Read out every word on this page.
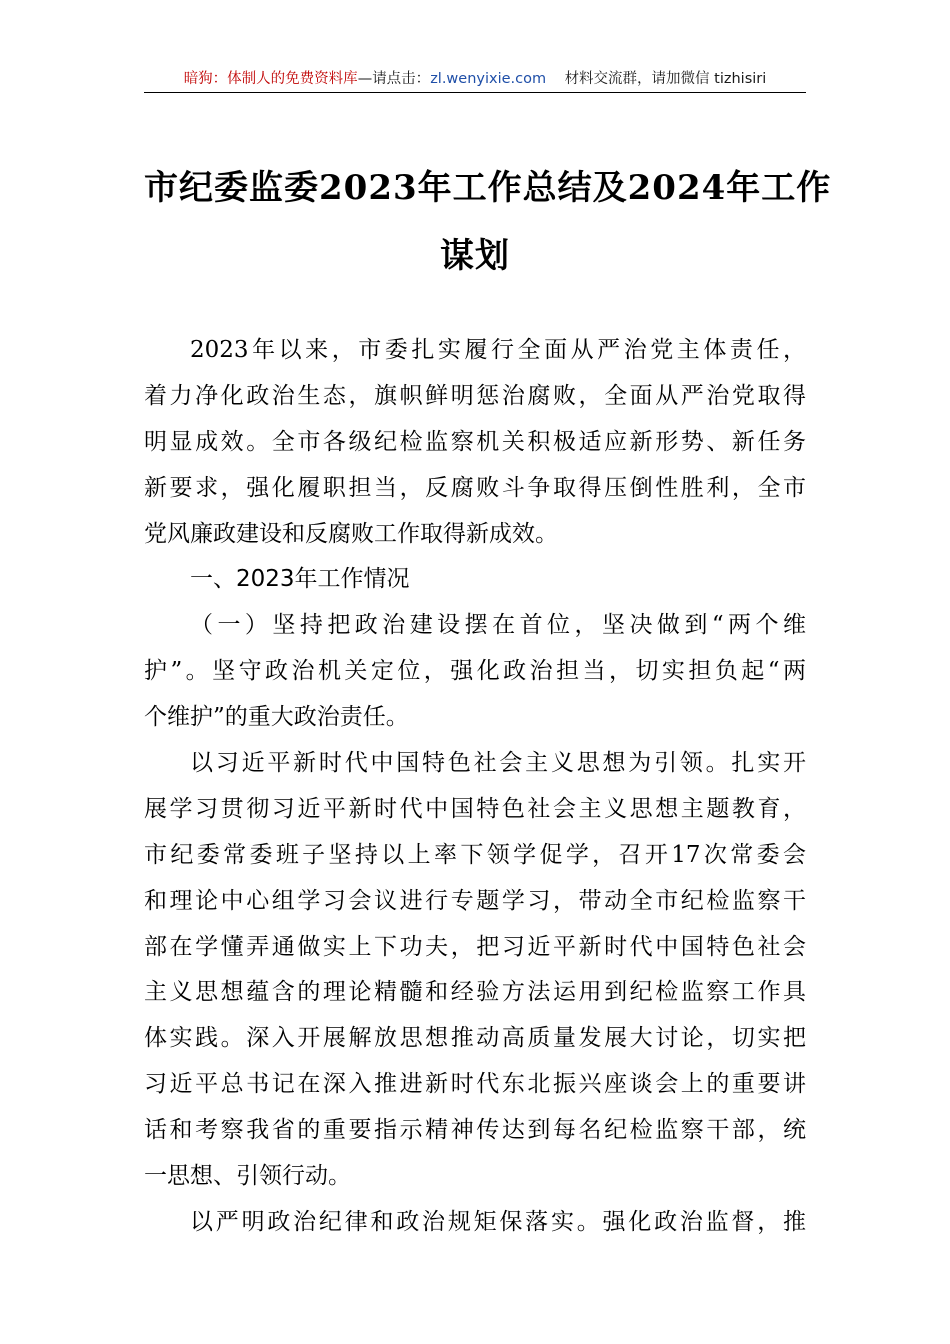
暗狗：体制人的免费资料库—请点击：zl.wenyixie.com 材料交流群，请加微信 tizhisiri
市纪委监委2023年工作总结及2024年工作
谋划
2023年以来，市委扎实履行全面从严治党主体责任，
着力净化政治生态，旗帜鲜明惩治腐败，全面从严治党取得
明显成效。全市各级纪检监察机关积极适应新形势、新任务
新要求，强化履职担当，反腐败斗争取得压倒性胜利，全市
党风廉政建设和反腐败工作取得新成效。
一、2023年工作情况
（一）坚持把政治建设摆在首位，坚决做到“两个维
护”。坚守政治机关定位，强化政治担当，切实担负起“两
个维护”的重大政治责任。
以习近平新时代中国特色社会主义思想为引领。扎实开
展学习贯彻习近平新时代中国特色社会主义思想主题教育，
市纪委常委班子坚持以上率下领学促学，召开17次常委会
和理论中心组学习会议进行专题学习，带动全市纪检监察干
部在学懂弄通做实上下功夫，把习近平新时代中国特色社会
主义思想蕴含的理论精髓和经验方法运用到纪检监察工作具
体实践。深入开展解放思想推动高质量发展大讨论，切实把
习近平总书记在深入推进新时代东北振兴座谈会上的重要讲
话和考察我省的重要指示精神传达到每名纪检监察干部，统
一思想、引领行动。
以严明政治纪律和政治规矩保落实。强化政治监督，推
